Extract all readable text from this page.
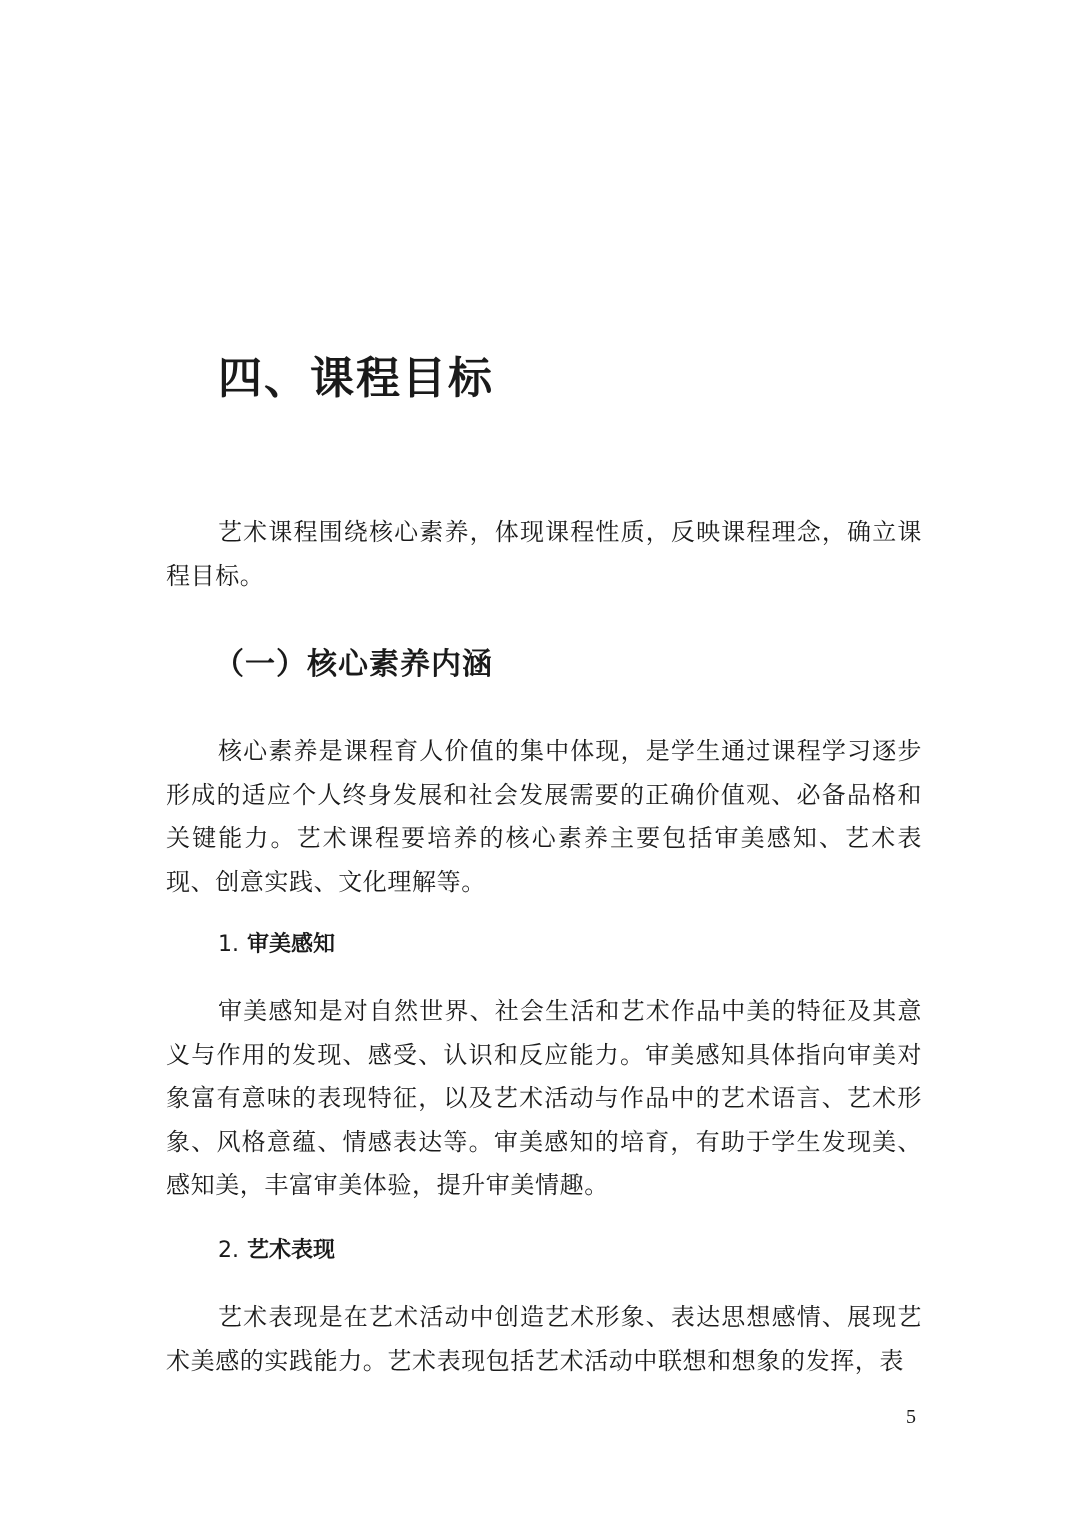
四、课程目标

艺术课程围绕核心素养，体现课程性质，反映课程理念，确立课程目标。

（一）核心素养内涵

核心素养是课程育人价值的集中体现，是学生通过课程学习逐步形成的适应个人终身发展和社会发展需要的正确价值观、必备品格和关键能力。艺术课程要培养的核心素养主要包括审美感知、艺术表现、创意实践、文化理解等。

1. 审美感知

审美感知是对自然世界、社会生活和艺术作品中美的特征及其意义与作用的发现、感受、认识和反应能力。审美感知具体指向审美对象富有意味的表现特征，以及艺术活动与作品中的艺术语言、艺术形象、风格意蕴、情感表达等。审美感知的培育，有助于学生发现美、感知美，丰富审美体验，提升审美情趣。

2. 艺术表现

艺术表现是在艺术活动中创造艺术形象、表达思想感情、展现艺术美感的实践能力。艺术表现包括艺术活动中联想和想象的发挥，表

5
